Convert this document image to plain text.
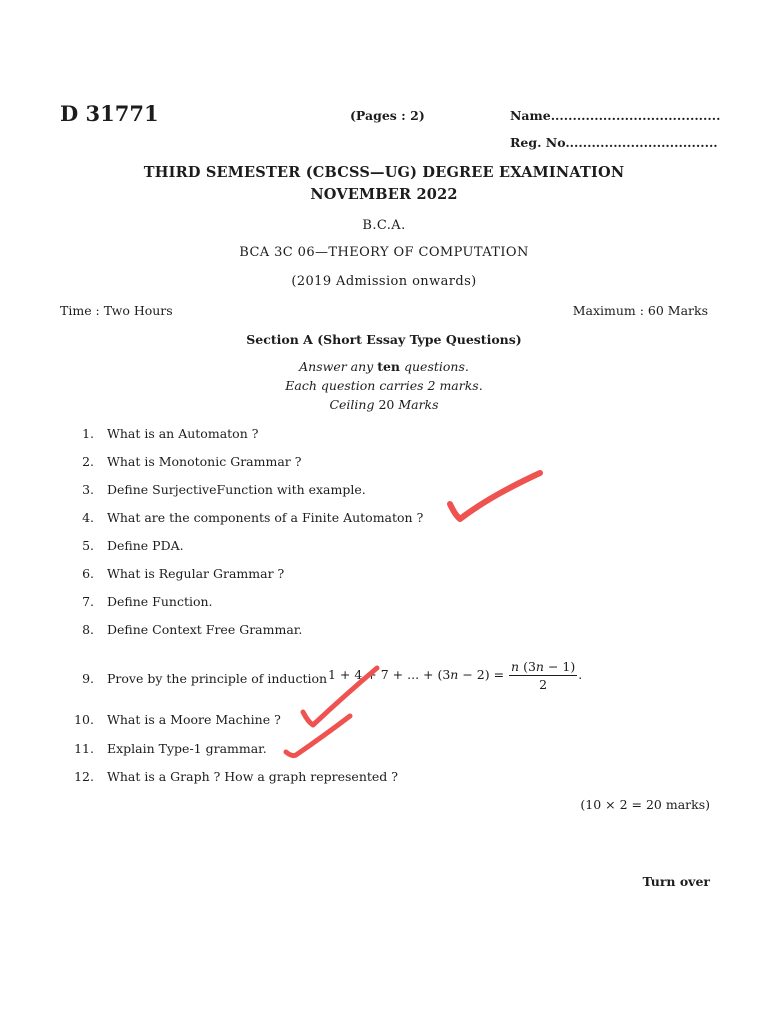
D 31771	(Pages : 2)	Name.......................................
Reg. No...................................
THIRD SEMESTER (CBCSS—UG) DEGREE EXAMINATION
NOVEMBER 2022
B.C.A.
BCA 3C 06—THEORY OF COMPUTATION
(2019 Admission onwards)
Time : Two Hours	Maximum : 60 Marks
Section A (Short Essay Type Questions)
Answer any ten questions.
Each question carries 2 marks.
Ceiling 20 Marks
1. What is an Automaton ?
2. What is Monotonic Grammar ?
3. Define SurjectiveFunction with example.
4. What are the components of a Finite Automaton ?
5. Define PDA.
6. What is Regular Grammar ?
7. Define Function.
8. Define Context Free Grammar.
9. Prove by the principle of induction 1 + 4 + 7 + ... + $(3n - 2) = \frac{n (3n - 1)}{2}$ .
10. What is a Moore Machine ?
11. Explain Type-1 grammar.
12. What is a Graph ? How a graph represented ?
(10 × 2 = 20 marks)
Turn over
